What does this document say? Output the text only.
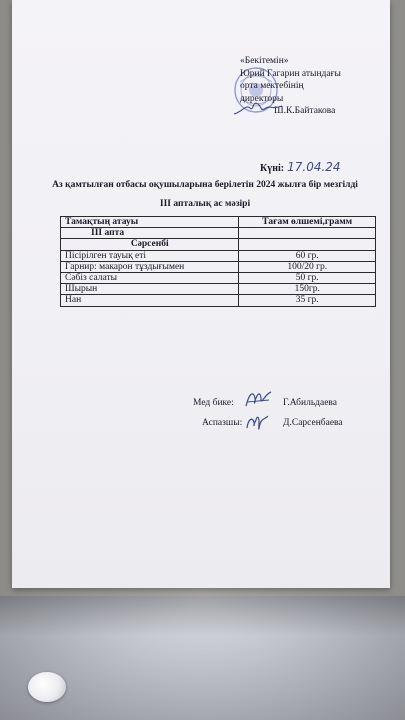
«Бекітемін»
Юрий Гагарин атындағы
орта мектебінің
директоры
Ш.К.Байтакова
Күні: 17.04.24
Аз қамтылған отбасы оқушыларына берілетін 2024 жылға бір мезгілді
III апталық ас мәзірі
Тамақтың атауы	Тағам өлшемі,грамм
III апта	
Сәрсенбі	
Пісірілген тауық еті	60 гр.
Гарнир: макарон тұздығымен	100/20 гр.
Сәбіз салаты	50 гр.
Шырын	150гр.
Нан	35 гр.
Мед бике:	Г.Абильдаева
Аспазшы:	Д.Сарсенбаева
